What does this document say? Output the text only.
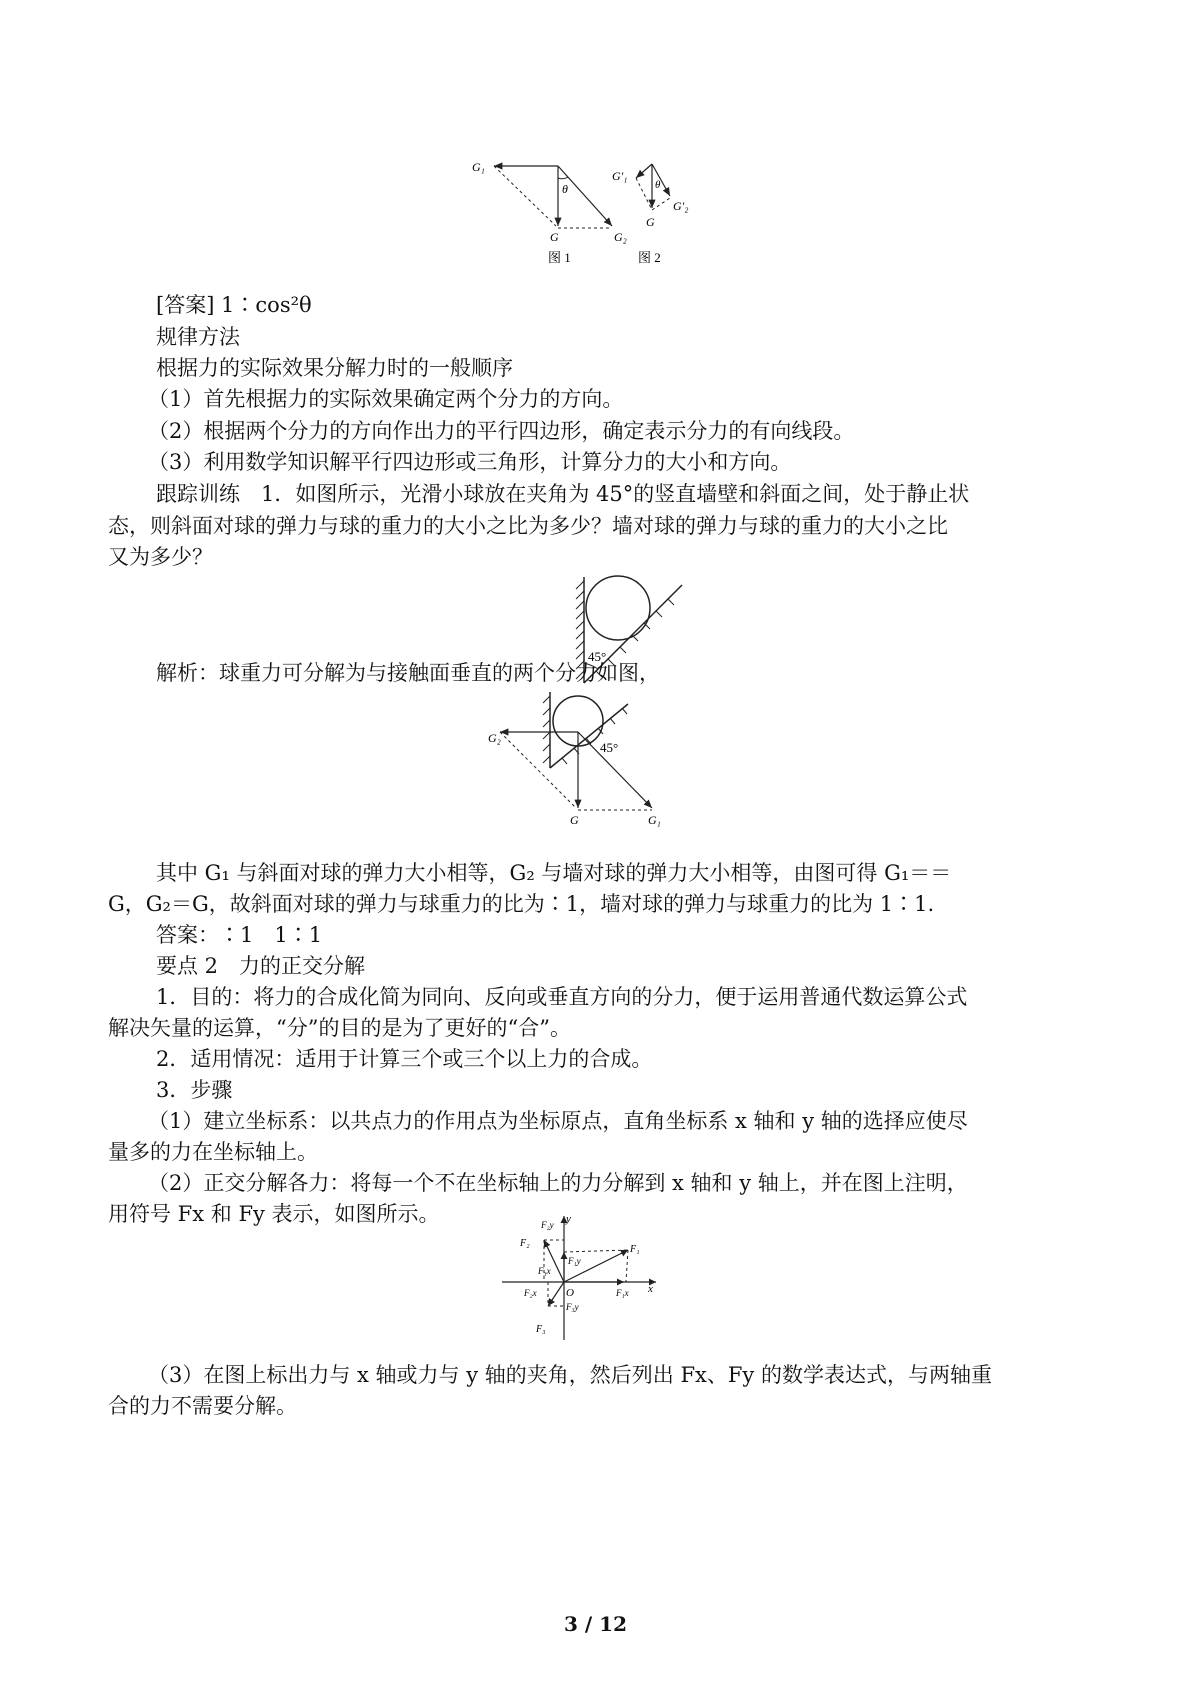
G₁
θ
G	G₂
图 1
G′₁
θ
G
G′₂
图 2
[答案] 1∶cos²θ
规律方法
根据力的实际效果分解力时的一般顺序
（1）首先根据力的实际效果确定两个分力的方向。
（2）根据两个分力的方向作出力的平行四边形，确定表示分力的有向线段。
（3）利用数学知识解平行四边形或三角形，计算分力的大小和方向。
跟踪训练　1．如图所示，光滑小球放在夹角为 45°的竖直墙壁和斜面之间，处于静止状
态，则斜面对球的弹力与球的重力的大小之比为多少？墙对球的弹力与球的重力的大小之比
又为多少？
45°
解析：球重力可分解为与接触面垂直的两个分力如图，
G₂
45°
G	G₁
其中 G₁ 与斜面对球的弹力大小相等，G₂ 与墙对球的弹力大小相等，由图可得 G₁＝＝
G，G₂＝G，故斜面对球的弹力与球重力的比为∶1，墙对球的弹力与球重力的比为 1∶1.
答案：∶1　1∶1
要点 2　力的正交分解
1．目的：将力的合成化简为同向、反向或垂直方向的分力，便于运用普通代数运算公式
解决矢量的运算，“分”的目的是为了更好的“合”。
2．适用情况：适用于计算三个或三个以上力的合成。
3．步骤
（1）建立坐标系：以共点力的作用点为坐标原点，直角坐标系 x 轴和 y 轴的选择应使尽
量多的力在坐标轴上。
（2）正交分解各力：将每一个不在坐标轴上的力分解到 x 轴和 y 轴上，并在图上注明，
用符号 Fx 和 Fy 表示，如图所示。	y
x
O
F₁
F₂
F₃
F₂y
F₁y
F₃x
F₂x	F₁x
F₃y
（3）在图上标出力与 x 轴或力与 y 轴的夹角，然后列出 Fx、Fy 的数学表达式，与两轴重
合的力不需要分解。
3 / 12
